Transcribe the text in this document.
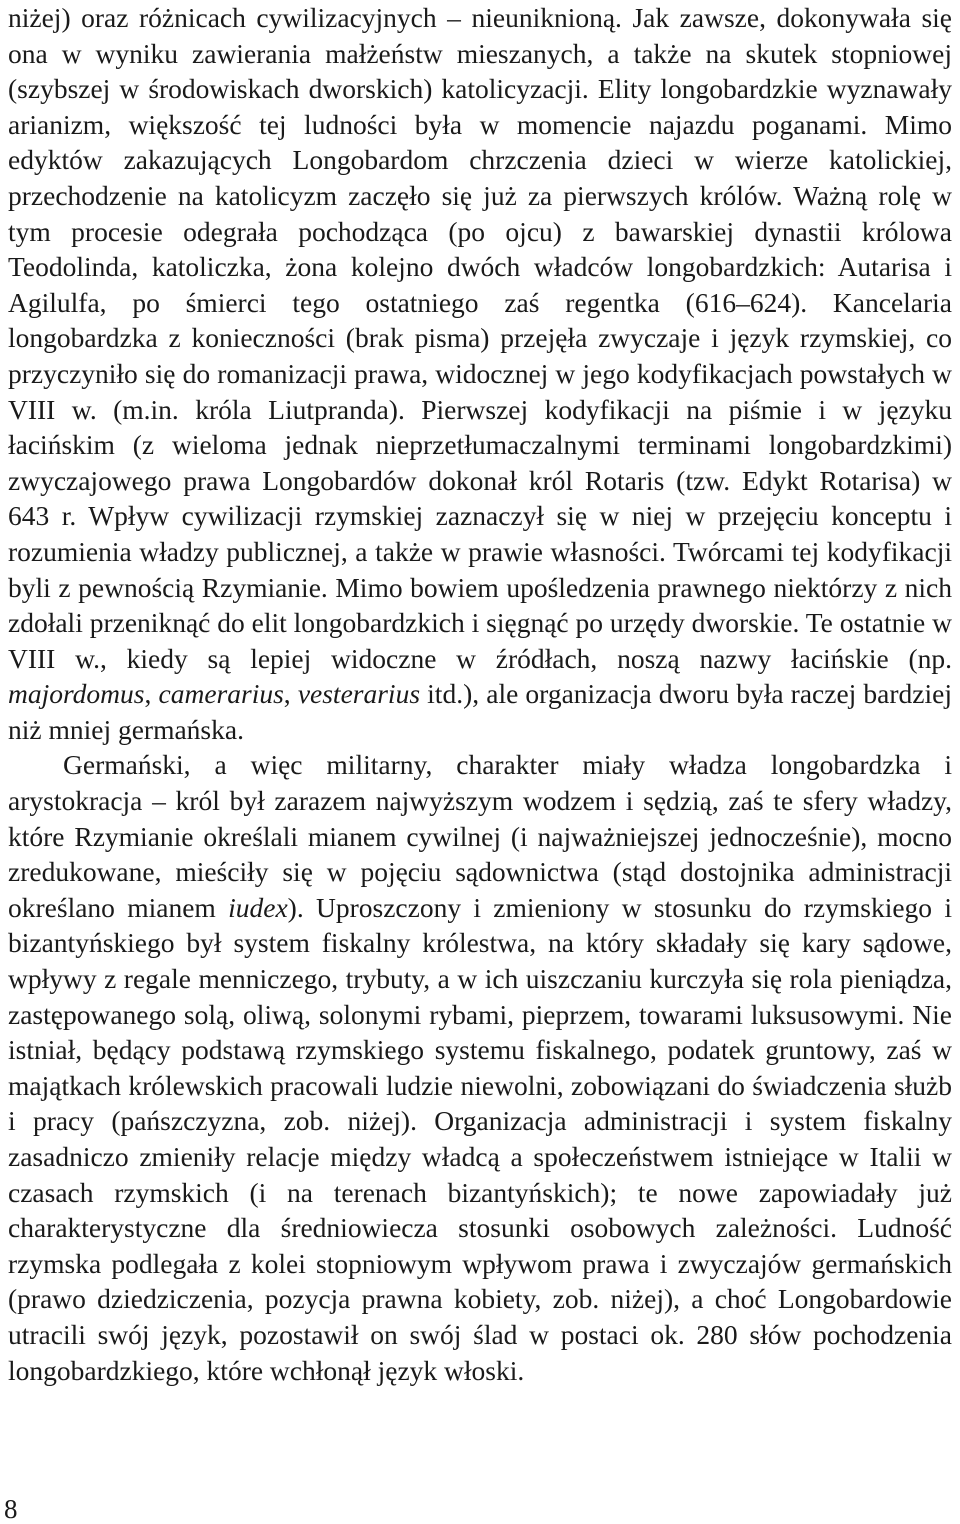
niżej) oraz różnicach cywilizacyjnych – nieuniknioną. Jak zawsze, dokonywała się ona w wyniku zawierania małżeństw mieszanych, a także na skutek stopniowej (szybszej w środowiskach dworskich) katolicyzacji. Elity longobardzkie wyznawały arianizm, większość tej ludności była w momencie najazdu poganami. Mimo edyktów zakazujących Longobardom chrzczenia dzieci w wierze katolickiej, przechodzenie na katolicyzm zaczęło się już za pierwszych królów. Ważną rolę w tym procesie odegrała pochodząca (po ojcu) z bawarskiej dynastii królowa Teodolinda, katoliczka, żona kolejno dwóch władców longobardzkich: Autarisa i Agilulfa, po śmierci tego ostatniego zaś regentka (616–624). Kancelaria longobardzka z konieczności (brak pisma) przejęła zwyczaje i język rzymskiej, co przyczyniło się do romanizacji prawa, widocznej w jego kodyfikacjach powstałych w VIII w. (m.in. króla Liutpranda). Pierwszej kodyfikacji na piśmie i w języku łacińskim (z wieloma jednak nieprzetłumaczalnymi terminami longobardzkimi) zwyczajowego prawa Longobardów dokonał król Rotaris (tzw. Edykt Rotarisa) w 643 r. Wpływ cywilizacji rzymskiej zaznaczył się w niej w przejęciu konceptu i rozumienia władzy publicznej, a także w prawie własności. Twórcami tej kodyfikacji byli z pewnością Rzymianie. Mimo bowiem upośledzenia prawnego niektórzy z nich zdołali przeniknąć do elit longobardzkich i sięgnąć po urzędy dworskie. Te ostatnie w VIII w., kiedy są lepiej widoczne w źródłach, noszą nazwy łacińskie (np. majordomus, camerarius, vesterarius itd.), ale organizacja dworu była raczej bardziej niż mniej germańska.

Germański, a więc militarny, charakter miały władza longobardzka i arystokracja – król był zarazem najwyższym wodzem i sędzią, zaś te sfery władzy, które Rzymianie określali mianem cywilnej (i najważniejszej jednocześnie), mocno zredukowane, mieściły się w pojęciu sądownictwa (stąd dostojnika administracji określano mianem iudex). Uproszczony i zmieniony w stosunku do rzymskiego i bizantyńskiego był system fiskalny królestwa, na który składały się kary sądowe, wpływy z regale menniczego, trybuty, a w ich uiszczaniu kurczyła się rola pieniądza, zastępowanego solą, oliwą, solonymi rybami, pieprzem, towarami luksusowymi. Nie istniał, będący podstawą rzymskiego systemu fiskalnego, podatek gruntowy, zaś w majątkach królewskich pracowali ludzie niewolni, zobowiązani do świadczenia służb i pracy (pańszczyzna, zob. niżej). Organizacja administracji i system fiskalny zasadniczo zmieniły relacje między władcą a społeczeństwem istniejące w Italii w czasach rzymskich (i na terenach bizantyńskich); te nowe zapowiadały już charakterystyczne dla średniowiecza stosunki osobowych zależności. Ludność rzymska podlegała z kolei stopniowym wpływom prawa i zwyczajów germańskich (prawo dziedziczenia, pozycja prawna kobiety, zob. niżej), a choć Longobardowie utracili swój język, pozostawił on swój ślad w postaci ok. 280 słów pochodzenia longobardzkiego, które wchłonął język włoski.

8
